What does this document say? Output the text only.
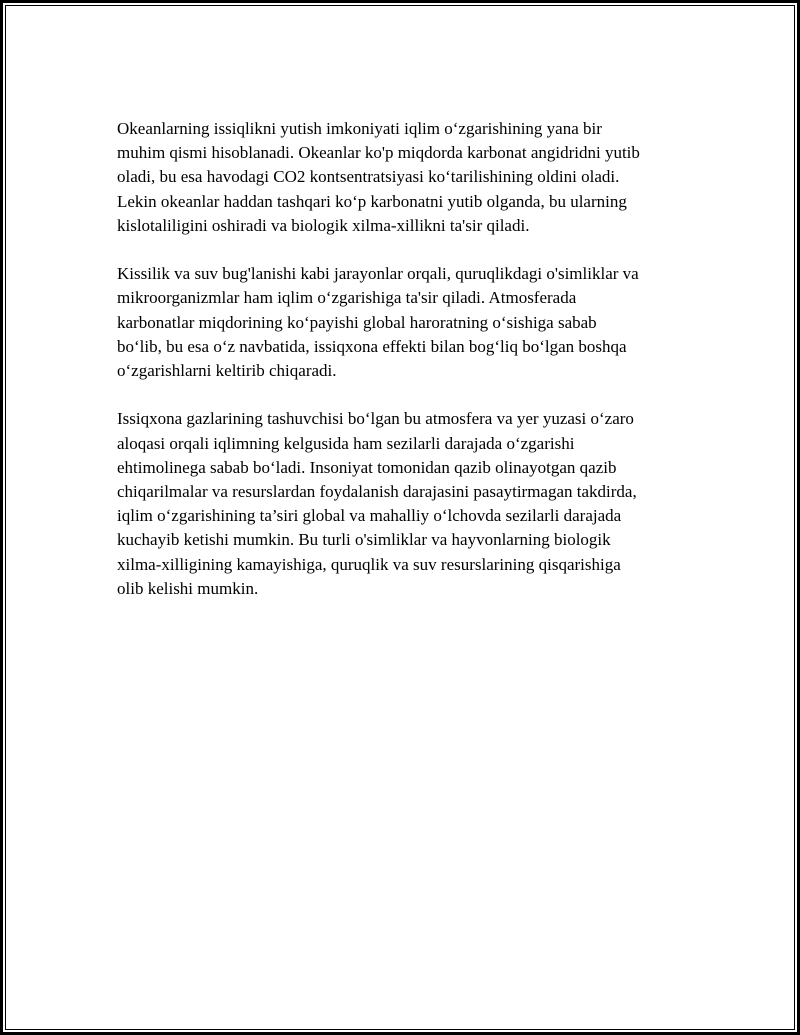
Okeanlarning issiqlikni yutish imkoniyati iqlim o‘zgarishining yana bir
muhim qismi hisoblanadi. Okeanlar ko'p miqdorda karbonat angidridni yutib
oladi, bu esa havodagi CO2 kontsentratsiyasi ko‘tarilishining oldini oladi.
Lekin okeanlar haddan tashqari ko‘p karbonatni yutib olganda, bu ularning
kislotaliligini oshiradi va biologik xilma-xillikni ta'sir qiladi.

Kissilik va suv bug'lanishi kabi jarayonlar orqali, quruqlikdagi o'simliklar va
mikroorganizmlar ham iqlim o‘zgarishiga ta'sir qiladi. Atmosferada
karbonatlar miqdorining ko‘payishi global haroratning o‘sishiga sabab
bo‘lib, bu esa o‘z navbatida, issiqxona effekti bilan bog‘liq bo‘lgan boshqa
o‘zgarishlarni keltirib chiqaradi.

Issiqxona gazlarining tashuvchisi bo‘lgan bu atmosfera va yer yuzasi o‘zaro
aloqasi orqali iqlimning kelgusida ham sezilarli darajada o‘zgarishi
ehtimolinega sabab bo‘ladi. Insoniyat tomonidan qazib olinayotgan qazib
chiqarilmalar va resurslardan foydalanish darajasini pasaytirmagan takdirda,
iqlim o‘zgarishining ta’siri global va mahalliy o‘lchovda sezilarli darajada
kuchayib ketishi mumkin. Bu turli o'simliklar va hayvonlarning biologik
xilma-xilligining kamayishiga, quruqlik va suv resurslarining qisqarishiga
olib kelishi mumkin.
